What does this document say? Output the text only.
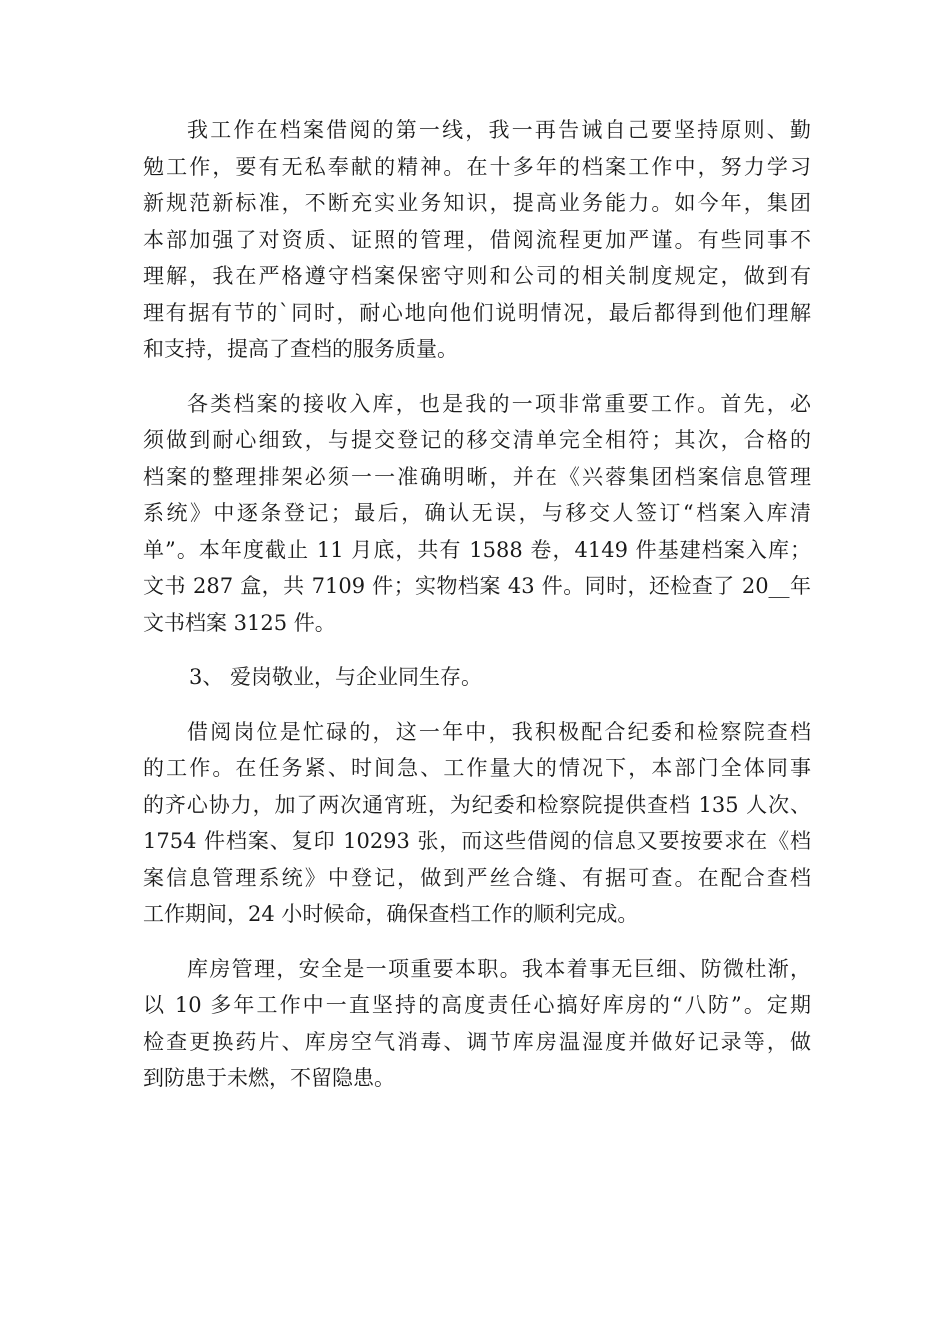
我工作在档案借阅的第一线，我一再告诫自己要坚持原则、勤
勉工作，要有无私奉献的精神。在十多年的档案工作中，努力学习
新规范新标准，不断充实业务知识，提高业务能力。如今年，集团
本部加强了对资质、证照的管理，借阅流程更加严谨。有些同事不
理解，我在严格遵守档案保密守则和公司的相关制度规定，做到有
理有据有节的`同时，耐心地向他们说明情况，最后都得到他们理解
和支持，提高了查档的服务质量。
各类档案的接收入库，也是我的一项非常重要工作。首先，必
须做到耐心细致，与提交登记的移交清单完全相符；其次，合格的
档案的整理排架必须一一准确明晰，并在《兴蓉集团档案信息管理
系统》中逐条登记；最后，确认无误，与移交人签订“档案入库清
单”。本年度截止 11 月底，共有 1588 卷，4149 件基建档案入库；
文书 287 盒，共 7109 件；实物档案 43 件。同时，还检查了 20__年
文书档案 3125 件。
3、 爱岗敬业，与企业同生存。
借阅岗位是忙碌的，这一年中，我积极配合纪委和检察院查档
的工作。在任务紧、时间急、工作量大的情况下，本部门全体同事
的齐心协力，加了两次通宵班，为纪委和检察院提供查档 135 人次、
1754 件档案、复印 10293 张，而这些借阅的信息又要按要求在《档
案信息管理系统》中登记，做到严丝合缝、有据可查。在配合查档
工作期间，24 小时候命，确保查档工作的顺利完成。
库房管理，安全是一项重要本职。我本着事无巨细、防微杜渐，
以 10 多年工作中一直坚持的高度责任心搞好库房的“八防”。定期
检查更换药片、库房空气消毒、调节库房温湿度并做好记录等，做
到防患于未燃，不留隐患。
